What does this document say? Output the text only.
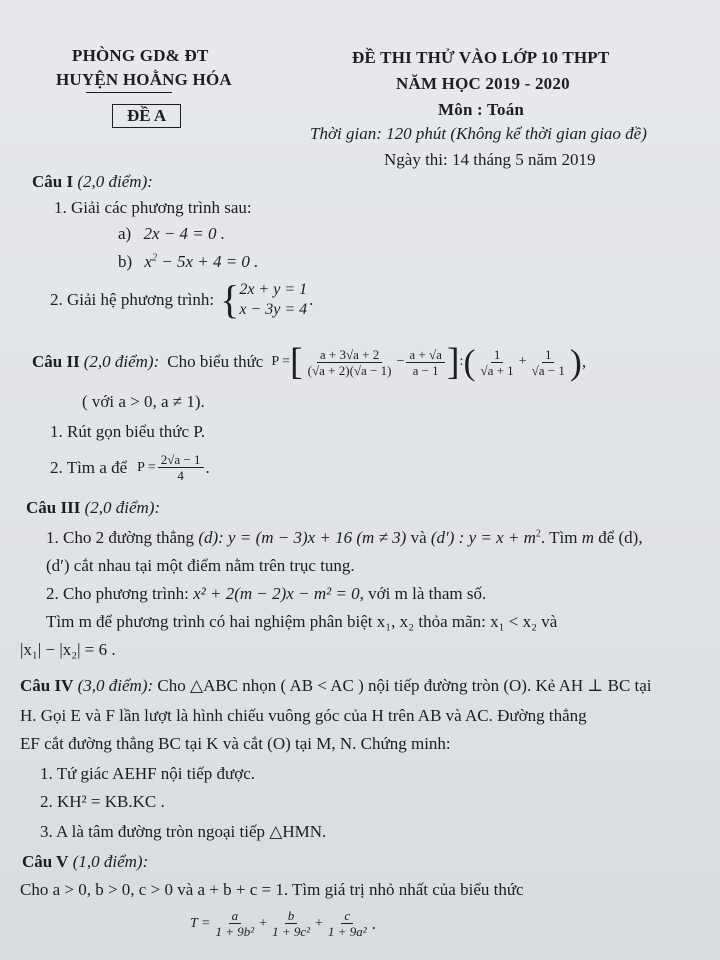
PHÒNG GD& ĐT
HUYỆN HOẰNG HÓA
ĐỀ A
ĐỀ THI THỬ VÀO LỚP 10 THPT
NĂM HỌC 2019 - 2020
Môn : Toán
Thời gian: 120 phút (Không kể thời gian giao đề)
Ngày thi: 14 tháng 5 năm 2019
Câu I (2,0 điểm):
1. Giải các phương trình sau:
a) 2x − 4 = 0 .
b) $x^2 - 5x + 4 = 0$ .
2. Giải hệ phương trình: { 2x + y = 1
x − 3y = 4
.
Câu II (2,0 điểm): Cho biểu thức P = [ $\frac{a + 3√a + 2}{(√a + 2)(√a - 1)} - \frac{a + √a}{a - 1}$ ] : ( $\frac{1}{√a + 1} + \frac{1}{√a - 1}$ ) ,
( với a > 0, a ≠ 1).
1. Rút gọn biểu thức P.
2. Tìm a để $P = \frac{2√a - 1}{4}$ .
Câu III (2,0 điểm):
1. Cho 2 đường thẳng (d): y = (m − 3)x + 16 (m ≠ 3) và (d′) : $y = x + m^2$. Tìm m để (d),
(d′) cắt nhau tại một điểm nằm trên trục tung.
2. Cho phương trình: x² + 2(m − 2)x − m² = 0, với m là tham số.
Tìm m để phương trình có hai nghiệm phân biệt x₁, x₂ thỏa mãn: x₁ < x₂ và
|x₁| − |x₂| = 6 .
Câu IV (3,0 điểm): Cho △ABC nhọn ( AB < AC ) nội tiếp đường tròn (O). Kẻ AH ⊥ BC tại
H. Gọi E và F lần lượt là hình chiếu vuông góc của H trên AB và AC. Đường thẳng
EF cắt đường thẳng BC tại K và cắt (O) tại M, N. Chứng minh:
1. Tứ giác AEHF nội tiếp được.
2. KH² = KB.KC .
3. A là tâm đường tròn ngoại tiếp △HMN.
Câu V (1,0 điểm):
Cho a > 0, b > 0, c > 0 và a + b + c = 1. Tìm giá trị nhỏ nhất của biểu thức
$T = \frac{a}{\text{1 + 9b²}} + \frac{b}{\text{1 + 9c²}} + \frac{c}{\text{1 + 9a²}}$ .
